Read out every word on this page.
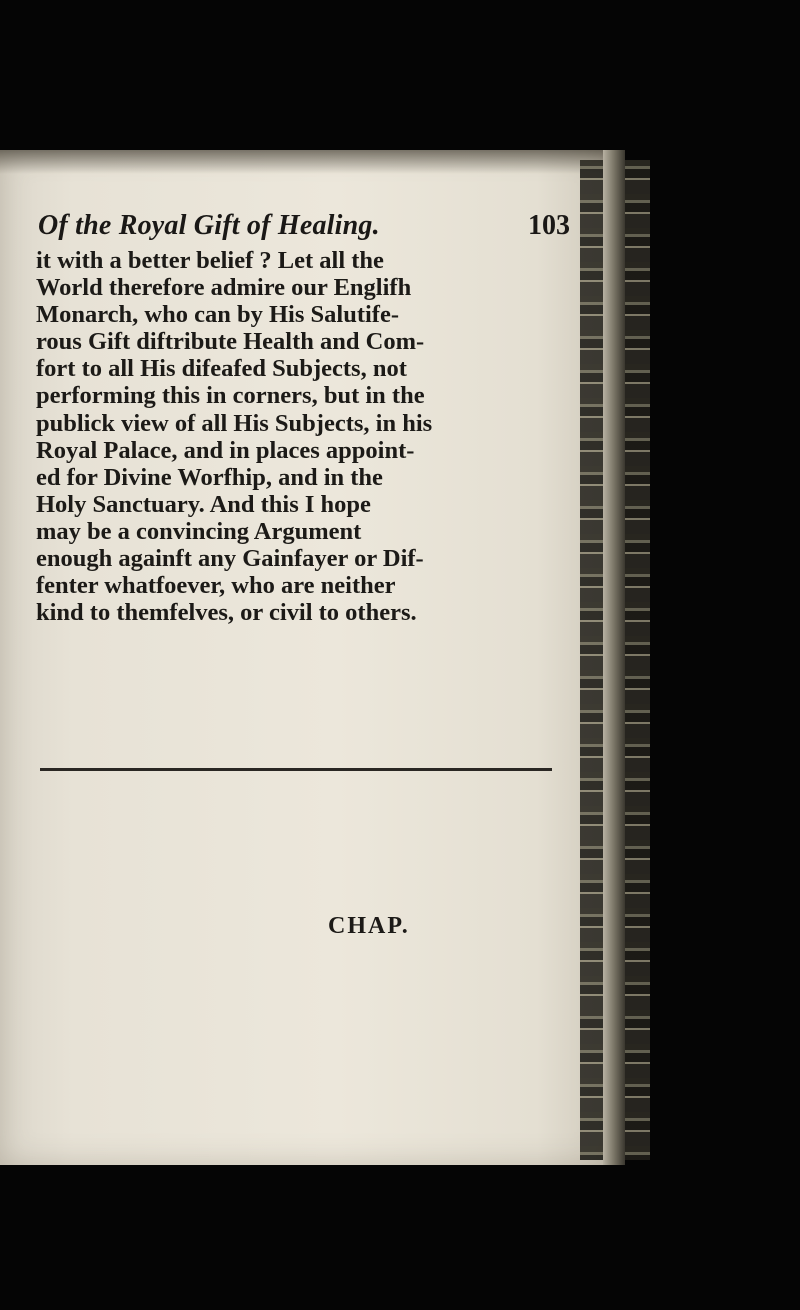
Of the Royal Gift of Healing.	103
it with a better belief ? Let all the
World therefore admire our Englifh
Monarch, who can by His Salutife-
rous Gift diftribute Health and Com-
fort to all His difeafed Subjects, not
performing this in corners, but in the
publick view of all His Subjects, in his
Royal Palace, and in places appoint-
ed for Divine Worfhip, and in the
Holy Sanctuary. And this I hope
may be a convincing Argument
enough againft any Gainfayer or Dif-
fenter whatfoever, who are neither
kind to themfelves, or civil to others.
CHAP.
